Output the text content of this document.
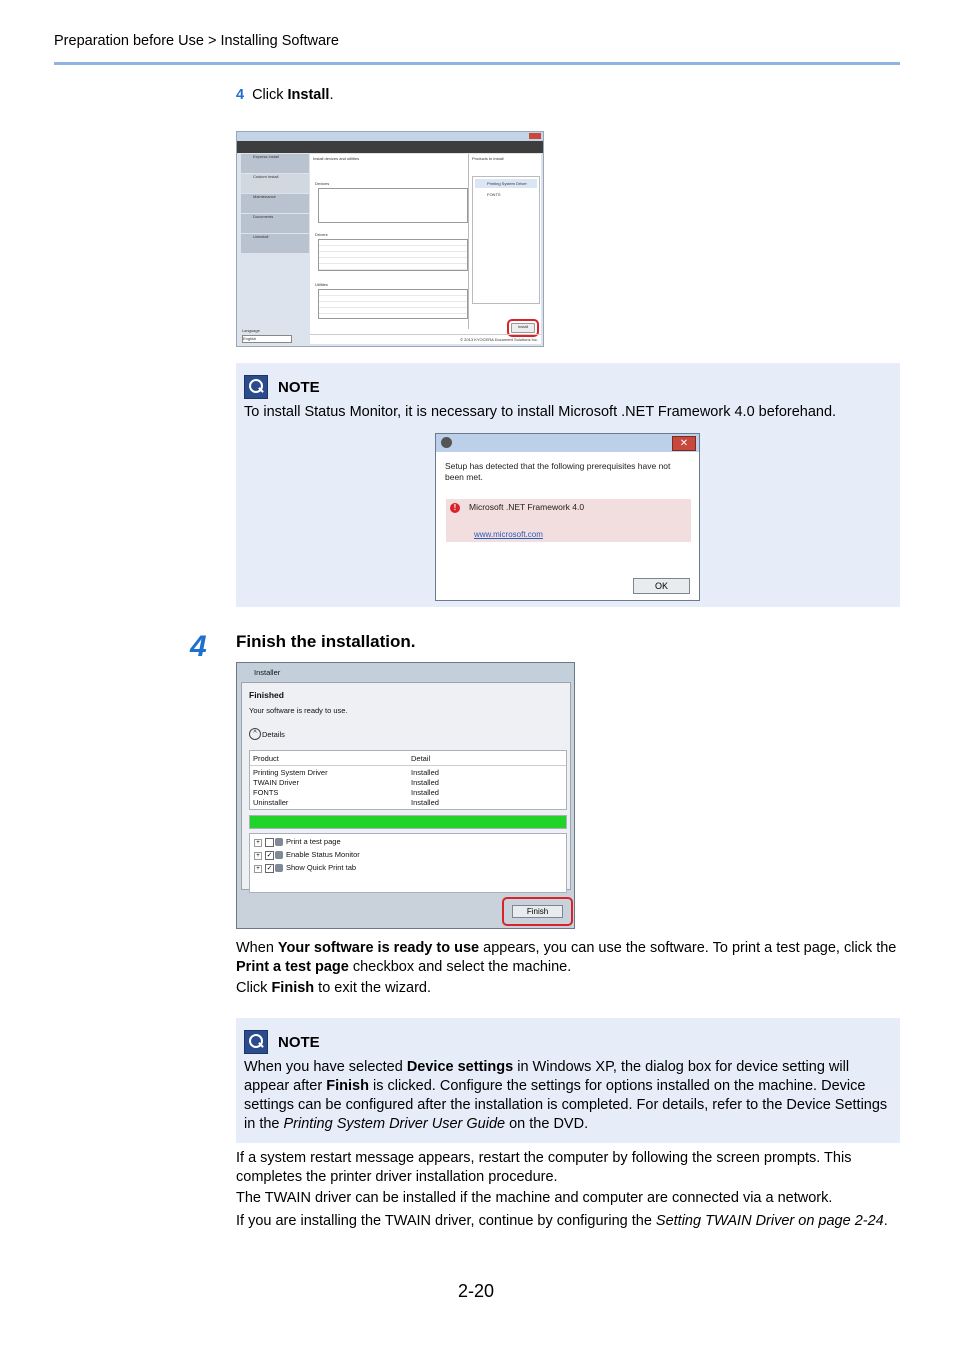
Preparation before Use > Installing Software
4 Click Install.
Express Install
Custom Install
Maintenance
Documents
Uninstall
Language
English
Install devices and utilities
Devices
Drivers
Utilities
Products to install
Printing System Driver
FONTS
Install
© 2013 KYOCERA Document Solutions Inc.
NOTE
To install Status Monitor, it is necessary to install Microsoft .NET Framework 4.0 beforehand.
✕
Setup has detected that the following prerequisites have not been met.
!	Microsoft .NET Framework 4.0
www.microsoft.com
OK
4 Finish the installation.
Installer
Finished
Your software is ready to use.
^ Details
Product	Detail
Printing System Driver	Installed
TWAIN Driver	Installed
FONTS	Installed
Uninstaller	Installed
+	Print a test page
+ ✓ Enable Status Monitor
+ ✓ Show Quick Print tab
Finish
When Your software is ready to use appears, you can use the software. To print a test page, click the Print a test page checkbox and select the machine.
Click Finish to exit the wizard.
NOTE
When you have selected Device settings in Windows XP, the dialog box for device setting will appear after Finish is clicked. Configure the settings for options installed on the machine. Device settings can be configured after the installation is completed. For details, refer to the Device Settings in the Printing System Driver User Guide on the DVD.
If a system restart message appears, restart the computer by following the screen prompts. This completes the printer driver installation procedure.
The TWAIN driver can be installed if the machine and computer are connected via a network.
If you are installing the TWAIN driver, continue by configuring the Setting TWAIN Driver on page 2-24.
2-20
